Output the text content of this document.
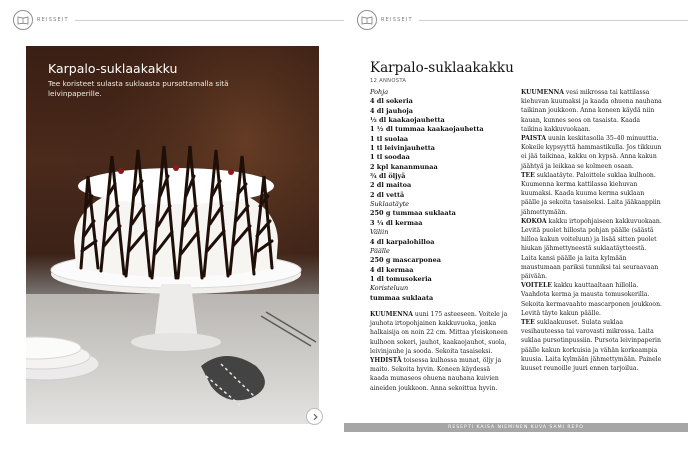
REISSEIT
Karpalo-suklaakakku
Tee koristeet sulasta suklaasta pursottamalla sitä leivinpaperille.
REISSEIT
Karpalo-suklaakakku
12 ANNOSTA
Pohja
4 dl sokeria
4 dl jauhoja
½ dl kaakaojauhetta
1 ½ dl tummaa kaakaojauhetta
1 tl suolaa
1 tl leivinjauhetta
1 tl soodaa
2 kpl kananmunaa
¾ dl öljyä
2 dl maitoa
2 dl vettä
Suklaatäyte
250 g tummaa suklaata
3 ¼ dl kermaa
Väliin
4 dl karpalohilloa
Päälle
250 g mascarponea
4 dl kermaa
1 dl tomusokeria
Koristeluun
tummaa suklaata
KUUMENNA uuni 175 asteeseen. Voitele ja jauhota irtopohjainen kakkuvuoka, jonka halkaisija on noin 22 cm. Mittaa yleiskoneen kulhoon sokeri, jauhot, kaakaojauhot, suola, leivinjauhe ja sooda. Sekoita tasaiseksi.
YHDISTÄ toisessa kulhossa munat, öljy ja maito. Sekoita hyvin. Koneen käydessä kaada munaseos ohuena nauhana kuivien aineiden joukkoon. Anna sekoittua hyvin.
KUUMENNA vesi mikrossa tai kattilassa kiehuvan kuumaksi ja kaada ohuena nauhana taikinan joukkoon. Anna koneen käydä niin kauan, kunnes seos on tasaista. Kaada taikina kakkuvuokaan.
PAISTA uunin keskitasolla 35–40 minuuttia. Kokeile kypsyyttä hammastikulla. Jos tikkuun ei jää taikinaa, kakku on kypsä. Anna kakun jäähtyä ja leikkaa se kolmeen osaan.
TEE suklaatäyte. Paloittele suklaa kulhoon. Kuumenna kerma kattilassa kiehuvan kuumaksi. Kaada kuuma kerma suklaan päälle ja sekoita tasaiseksi. Laita jääkaappiin jähmettymään.
KOKOA kakku irtopohjaiseen kakkuvuokaan. Levitä puolet hillosta pohjan päälle (säästä hilloa kakun voiteluun) ja lisää sitten puolet hiukan jähmettyneestä suklaatäytteestä. Laita kansi päälle ja laita kylmään maustumaan pariksi tunniksi tai seuraavaan päivään.
VOITELE kakku kauttaaltaan hillolla. Vaahdota kerma ja mausta tomusokerilla. Sekoita kermavaahto mascarponen joukkoon. Levitä täyte kakun päälle.
TEE suklaakuuset. Sulata suklaa vesihauteessa tai varovasti mikrossa. Laita suklaa pursotinpussiin. Pursota leivinpaperin päälle kakun korkuisia ja vähän korkeampia kuusia. Laita kylmään jähmettymään. Painele kuuset reunoille juuri ennen tarjoilua.
RESEPTI KAISA NIEMINEN KUVA SAMI REPO
